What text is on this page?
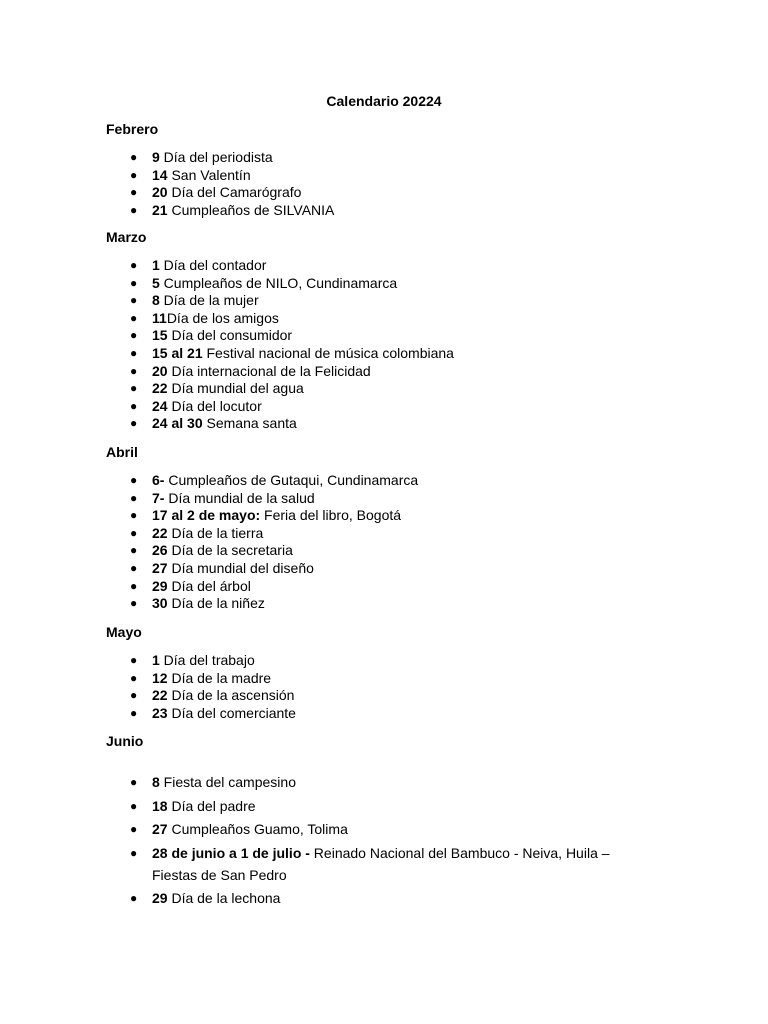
Calendario 20224

Febrero

● 9 Día del periodista
● 14 San Valentín
● 20 Día del Camarógrafo
● 21 Cumpleaños de SILVANIA

Marzo

● 1 Día del contador
● 5 Cumpleaños de NILO, Cundinamarca
● 8 Día de la mujer
● 11Día de los amigos
● 15 Día del consumidor
● 15 al 21 Festival nacional de música colombiana
● 20 Día internacional de la Felicidad
● 22 Día mundial del agua
● 24 Día del locutor
● 24 al 30 Semana santa

Abril

● 6- Cumpleaños de Gutaqui, Cundinamarca
● 7- Día mundial de la salud
● 17 al 2 de mayo: Feria del libro, Bogotá
● 22 Día de la tierra
● 26 Día de la secretaria
● 27 Día mundial del diseño
● 29 Día del árbol
● 30 Día de la niñez

Mayo

● 1 Día del trabajo
● 12 Día de la madre
● 22 Día de la ascensión
● 23 Día del comerciante

Junio

● 8 Fiesta del campesino
● 18 Día del padre
● 27 Cumpleaños Guamo, Tolima
● 28 de junio a 1 de julio - Reinado Nacional del Bambuco - Neiva, Huila – Fiestas de San Pedro
● 29 Día de la lechona
